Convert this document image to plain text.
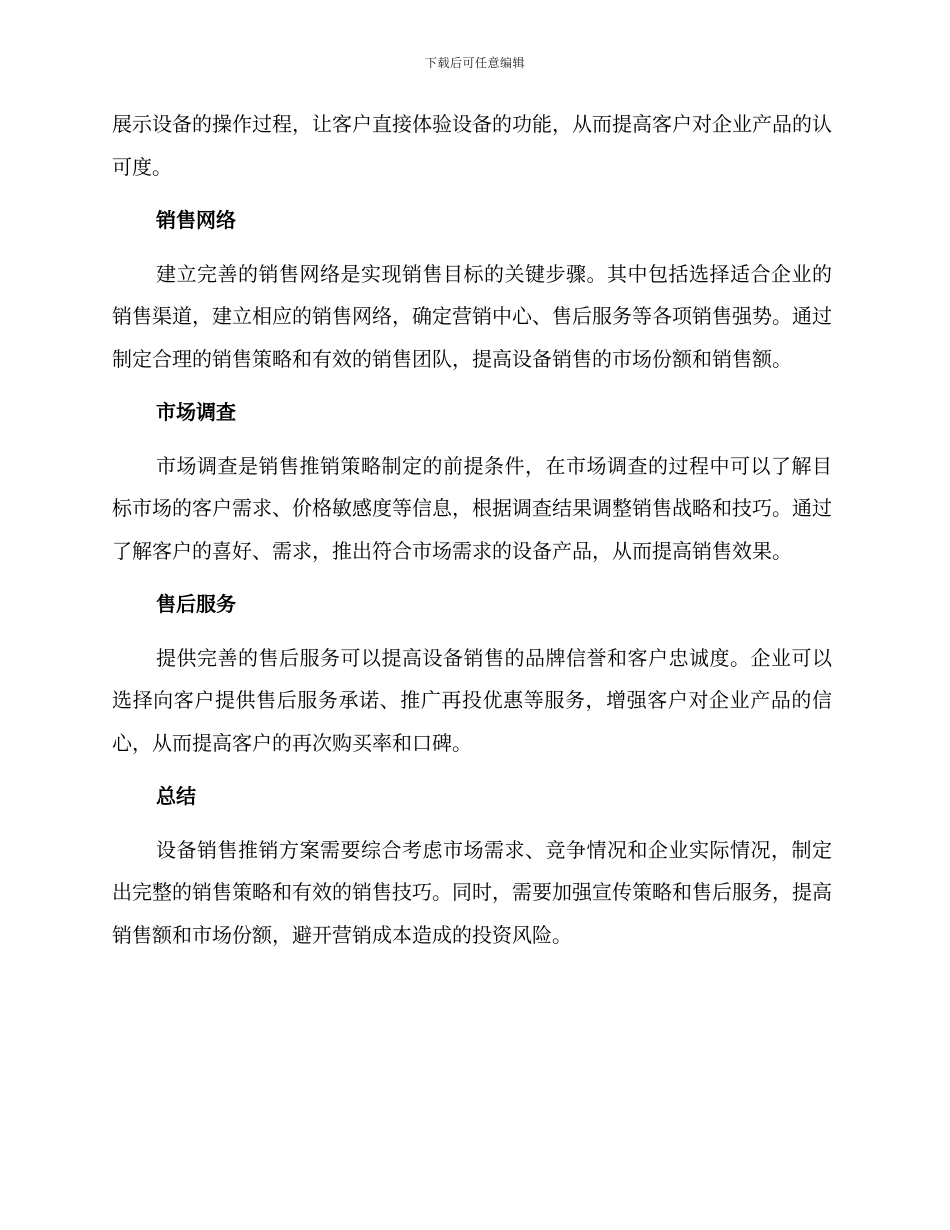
下载后可任意编辑

展示设备的操作过程，让客户直接体验设备的功能，从而提高客户对企业产品的认可度。

销售网络

建立完善的销售网络是实现销售目标的关键步骤。其中包括选择适合企业的销售渠道，建立相应的销售网络，确定营销中心、售后服务等各项销售强势。通过制定合理的销售策略和有效的销售团队，提高设备销售的市场份额和销售额。

市场调查

市场调查是销售推销策略制定的前提条件，在市场调查的过程中可以了解目标市场的客户需求、价格敏感度等信息，根据调查结果调整销售战略和技巧。通过了解客户的喜好、需求，推出符合市场需求的设备产品，从而提高销售效果。

售后服务

提供完善的售后服务可以提高设备销售的品牌信誉和客户忠诚度。企业可以选择向客户提供售后服务承诺、推广再投优惠等服务，增强客户对企业产品的信心，从而提高客户的再次购买率和口碑。

总结

设备销售推销方案需要综合考虑市场需求、竞争情况和企业实际情况，制定出完整的销售策略和有效的销售技巧。同时，需要加强宣传策略和售后服务，提高销售额和市场份额，避开营销成本造成的投资风险。
